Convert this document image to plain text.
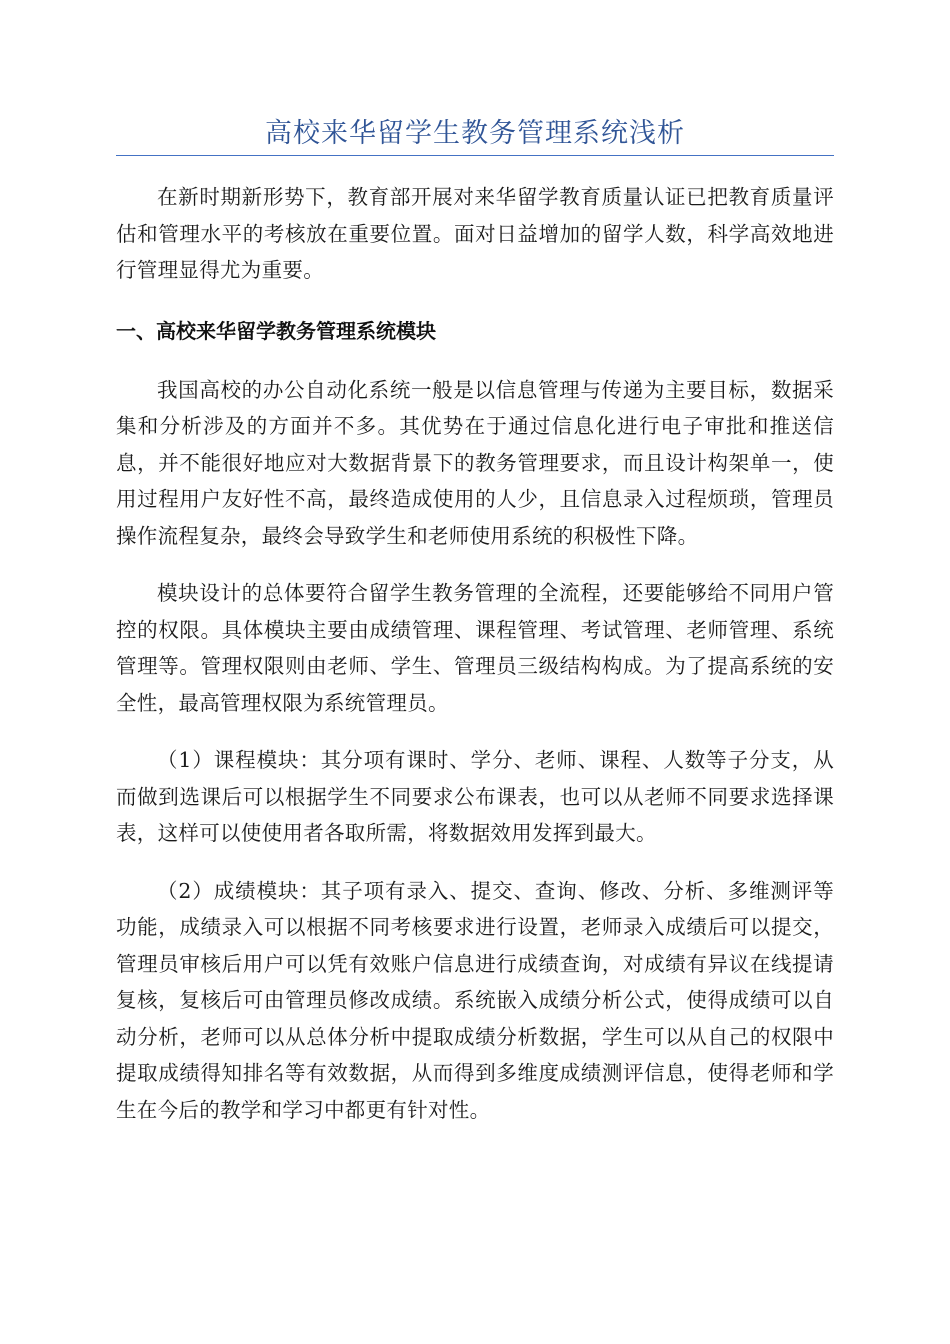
高校来华留学生教务管理系统浅析

在新时期新形势下，教育部开展对来华留学教育质量认证已把教育质量评估和管理水平的考核放在重要位置。面对日益增加的留学人数，科学高效地进行管理显得尤为重要。

一、高校来华留学教务管理系统模块

我国高校的办公自动化系统一般是以信息管理与传递为主要目标，数据采集和分析涉及的方面并不多。其优势在于通过信息化进行电子审批和推送信息，并不能很好地应对大数据背景下的教务管理要求，而且设计构架单一，使用过程用户友好性不高，最终造成使用的人少，且信息录入过程烦琐，管理员操作流程复杂，最终会导致学生和老师使用系统的积极性下降。

模块设计的总体要符合留学生教务管理的全流程，还要能够给不同用户管控的权限。具体模块主要由成绩管理、课程管理、考试管理、老师管理、系统管理等。管理权限则由老师、学生、管理员三级结构构成。为了提高系统的安全性，最高管理权限为系统管理员。

（1）课程模块：其分项有课时、学分、老师、课程、人数等子分支，从而做到选课后可以根据学生不同要求公布课表，也可以从老师不同要求选择课表，这样可以使使用者各取所需，将数据效用发挥到最大。

（2）成绩模块：其子项有录入、提交、查询、修改、分析、多维测评等功能，成绩录入可以根据不同考核要求进行设置，老师录入成绩后可以提交，管理员审核后用户可以凭有效账户信息进行成绩查询，对成绩有异议在线提请复核，复核后可由管理员修改成绩。系统嵌入成绩分析公式，使得成绩可以自动分析，老师可以从总体分析中提取成绩分析数据，学生可以从自己的权限中提取成绩得知排名等有效数据，从而得到多维度成绩测评信息，使得老师和学生在今后的教学和学习中都更有针对性。
